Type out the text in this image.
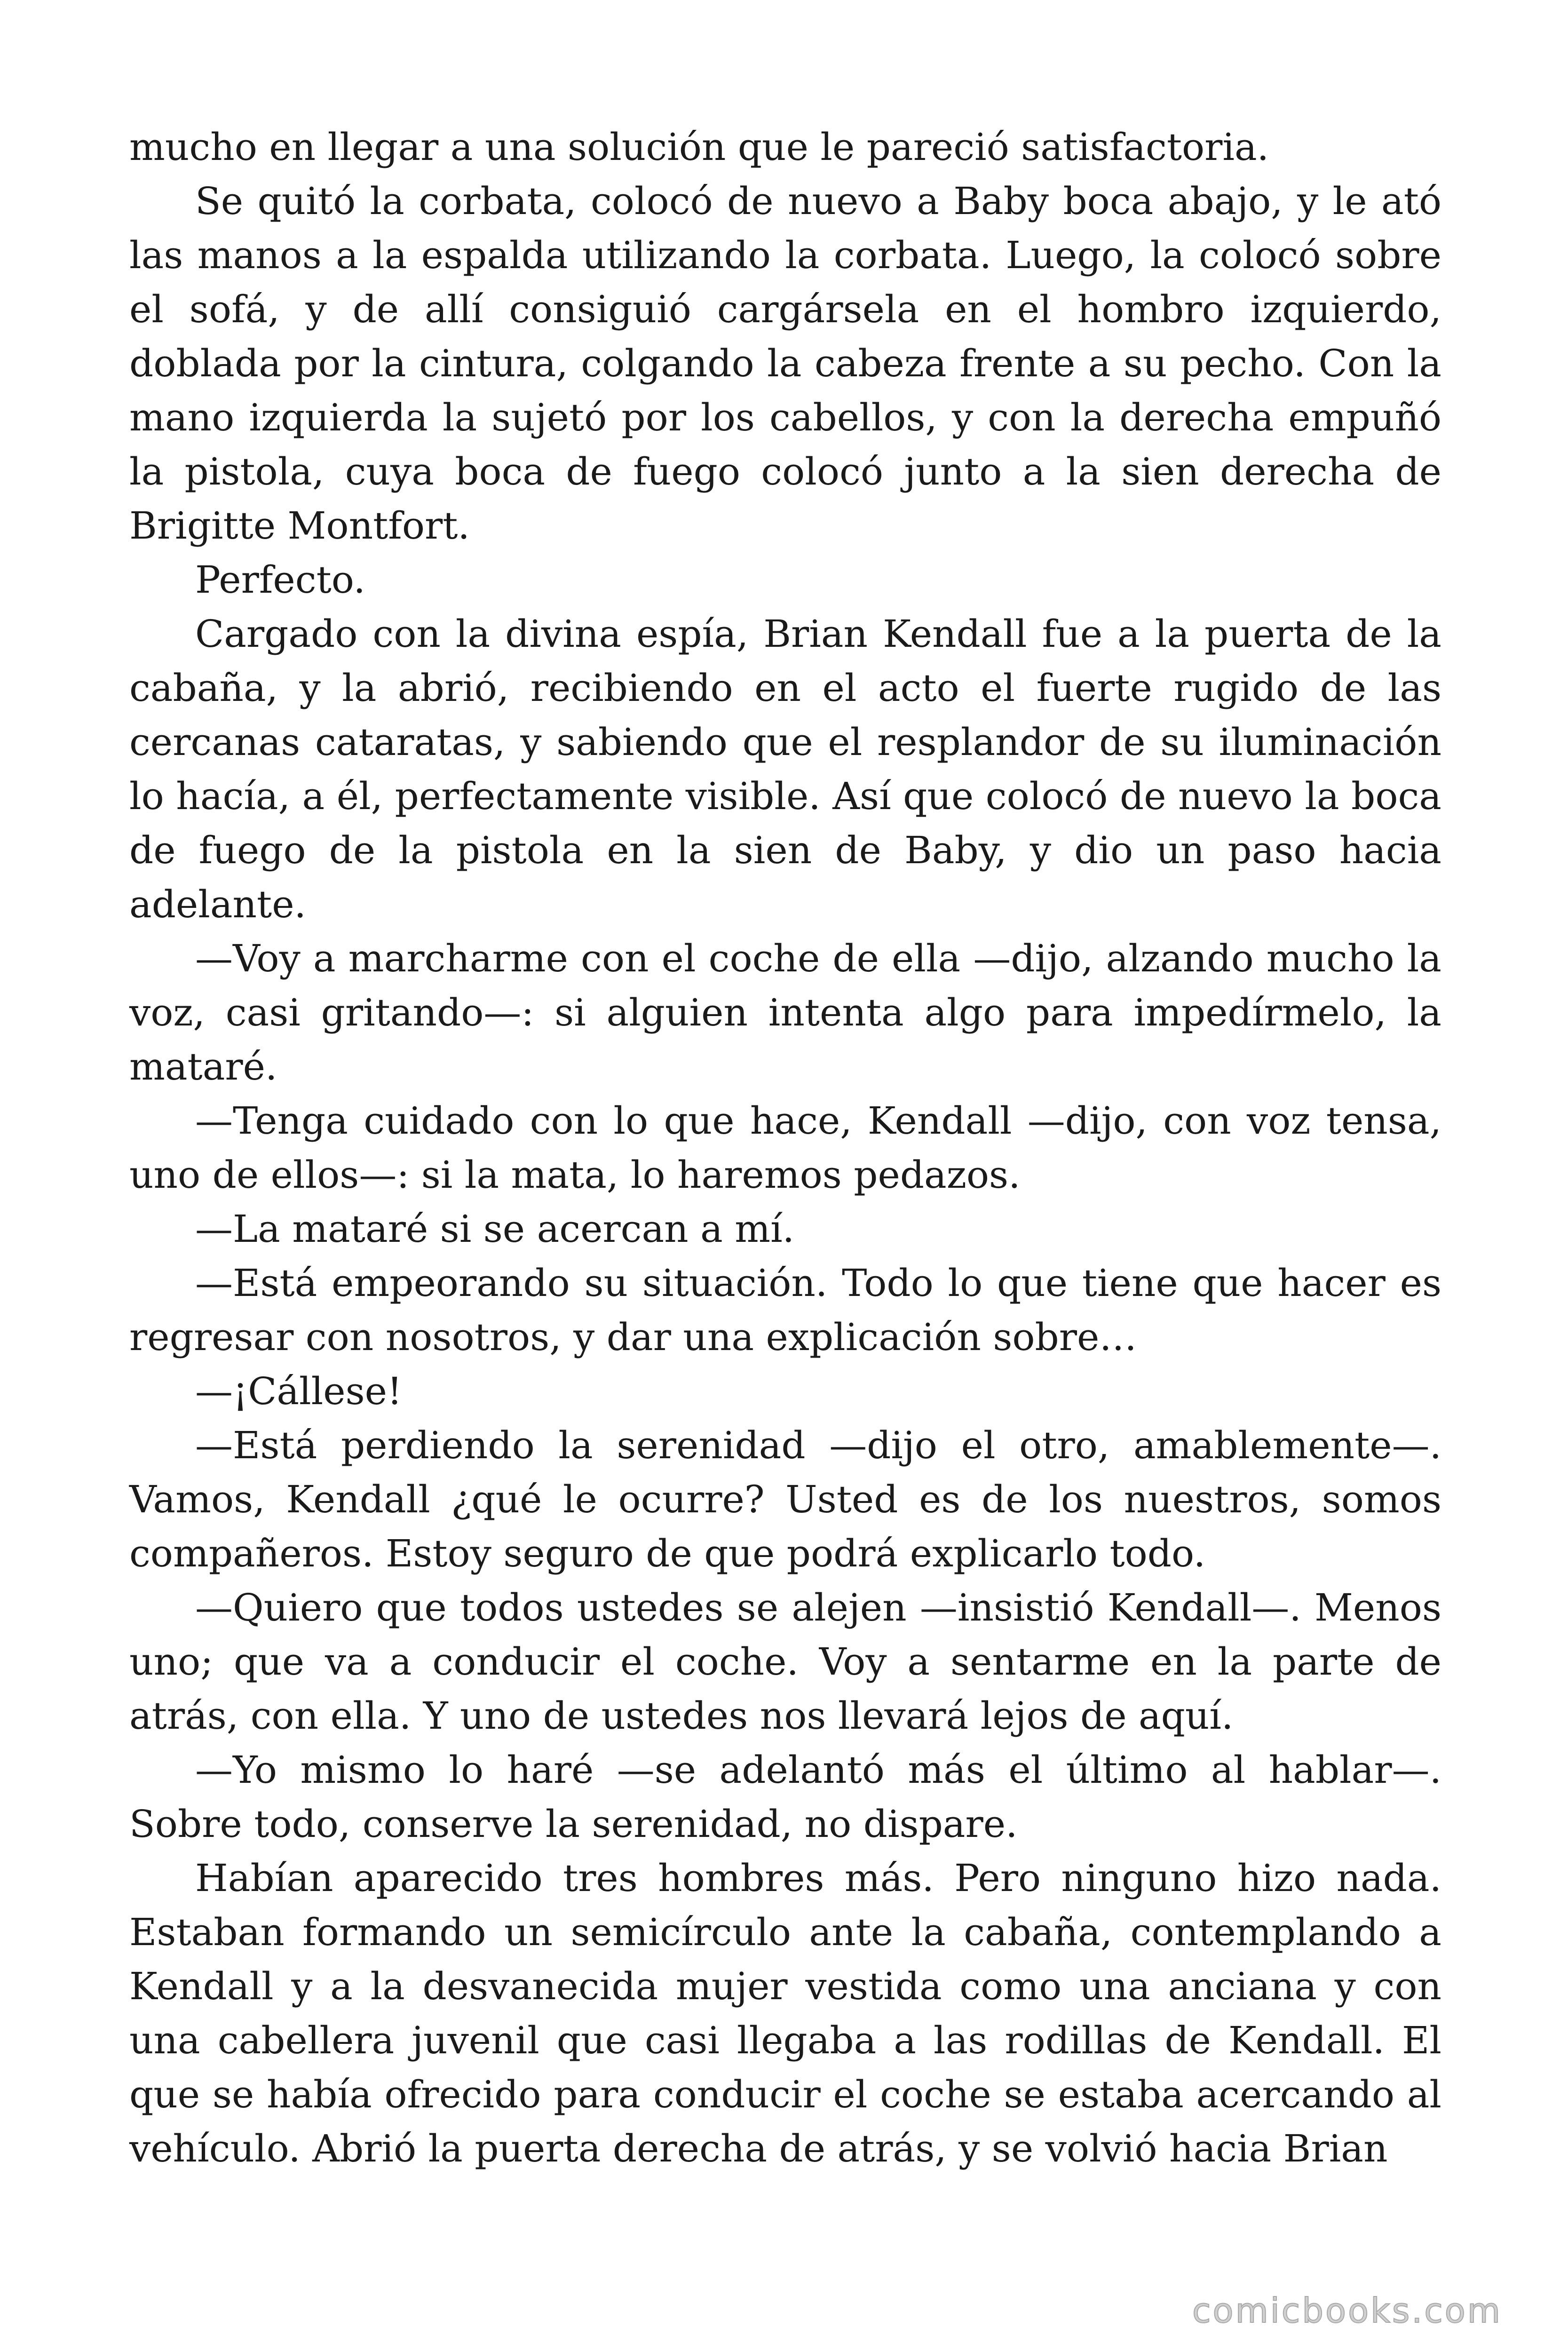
mucho en llegar a una solución que le pareció satisfactoria.

Se quitó la corbata, colocó de nuevo a Baby boca abajo, y le ató las manos a la espalda utilizando la corbata. Luego, la colocó sobre el sofá, y de allí consiguió cargársela en el hombro izquierdo, doblada por la cintura, colgando la cabeza frente a su pecho. Con la mano izquierda la sujetó por los cabellos, y con la derecha empuñó la pistola, cuya boca de fuego colocó junto a la sien derecha de Brigitte Montfort.

Perfecto.

Cargado con la divina espía, Brian Kendall fue a la puerta de la cabaña, y la abrió, recibiendo en el acto el fuerte rugido de las cercanas cataratas, y sabiendo que el resplandor de su iluminación lo hacía, a él, perfectamente visible. Así que colocó de nuevo la boca de fuego de la pistola en la sien de Baby, y dio un paso hacia adelante.

—Voy a marcharme con el coche de ella —dijo, alzando mucho la voz, casi gritando—: si alguien intenta algo para impedírmelo, la mataré.

—Tenga cuidado con lo que hace, Kendall —dijo, con voz tensa, uno de ellos—: si la mata, lo haremos pedazos.

—La mataré si se acercan a mí.

—Está empeorando su situación. Todo lo que tiene que hacer es regresar con nosotros, y dar una explicación sobre…

—¡Cállese!

—Está perdiendo la serenidad —dijo el otro, amablemente—. Vamos, Kendall ¿qué le ocurre? Usted es de los nuestros, somos compañeros. Estoy seguro de que podrá explicarlo todo.

—Quiero que todos ustedes se alejen —insistió Kendall—. Menos uno; que va a conducir el coche. Voy a sentarme en la parte de atrás, con ella. Y uno de ustedes nos llevará lejos de aquí.

—Yo mismo lo haré —se adelantó más el último al hablar—. Sobre todo, conserve la serenidad, no dispare.

Habían aparecido tres hombres más. Pero ninguno hizo nada. Estaban formando un semicírculo ante la cabaña, contemplando a Kendall y a la desvanecida mujer vestida como una anciana y con una cabellera juvenil que casi llegaba a las rodillas de Kendall. El que se había ofrecido para conducir el coche se estaba acercando al vehículo. Abrió la puerta derecha de atrás, y se volvió hacia Brian

comicbooks.com
